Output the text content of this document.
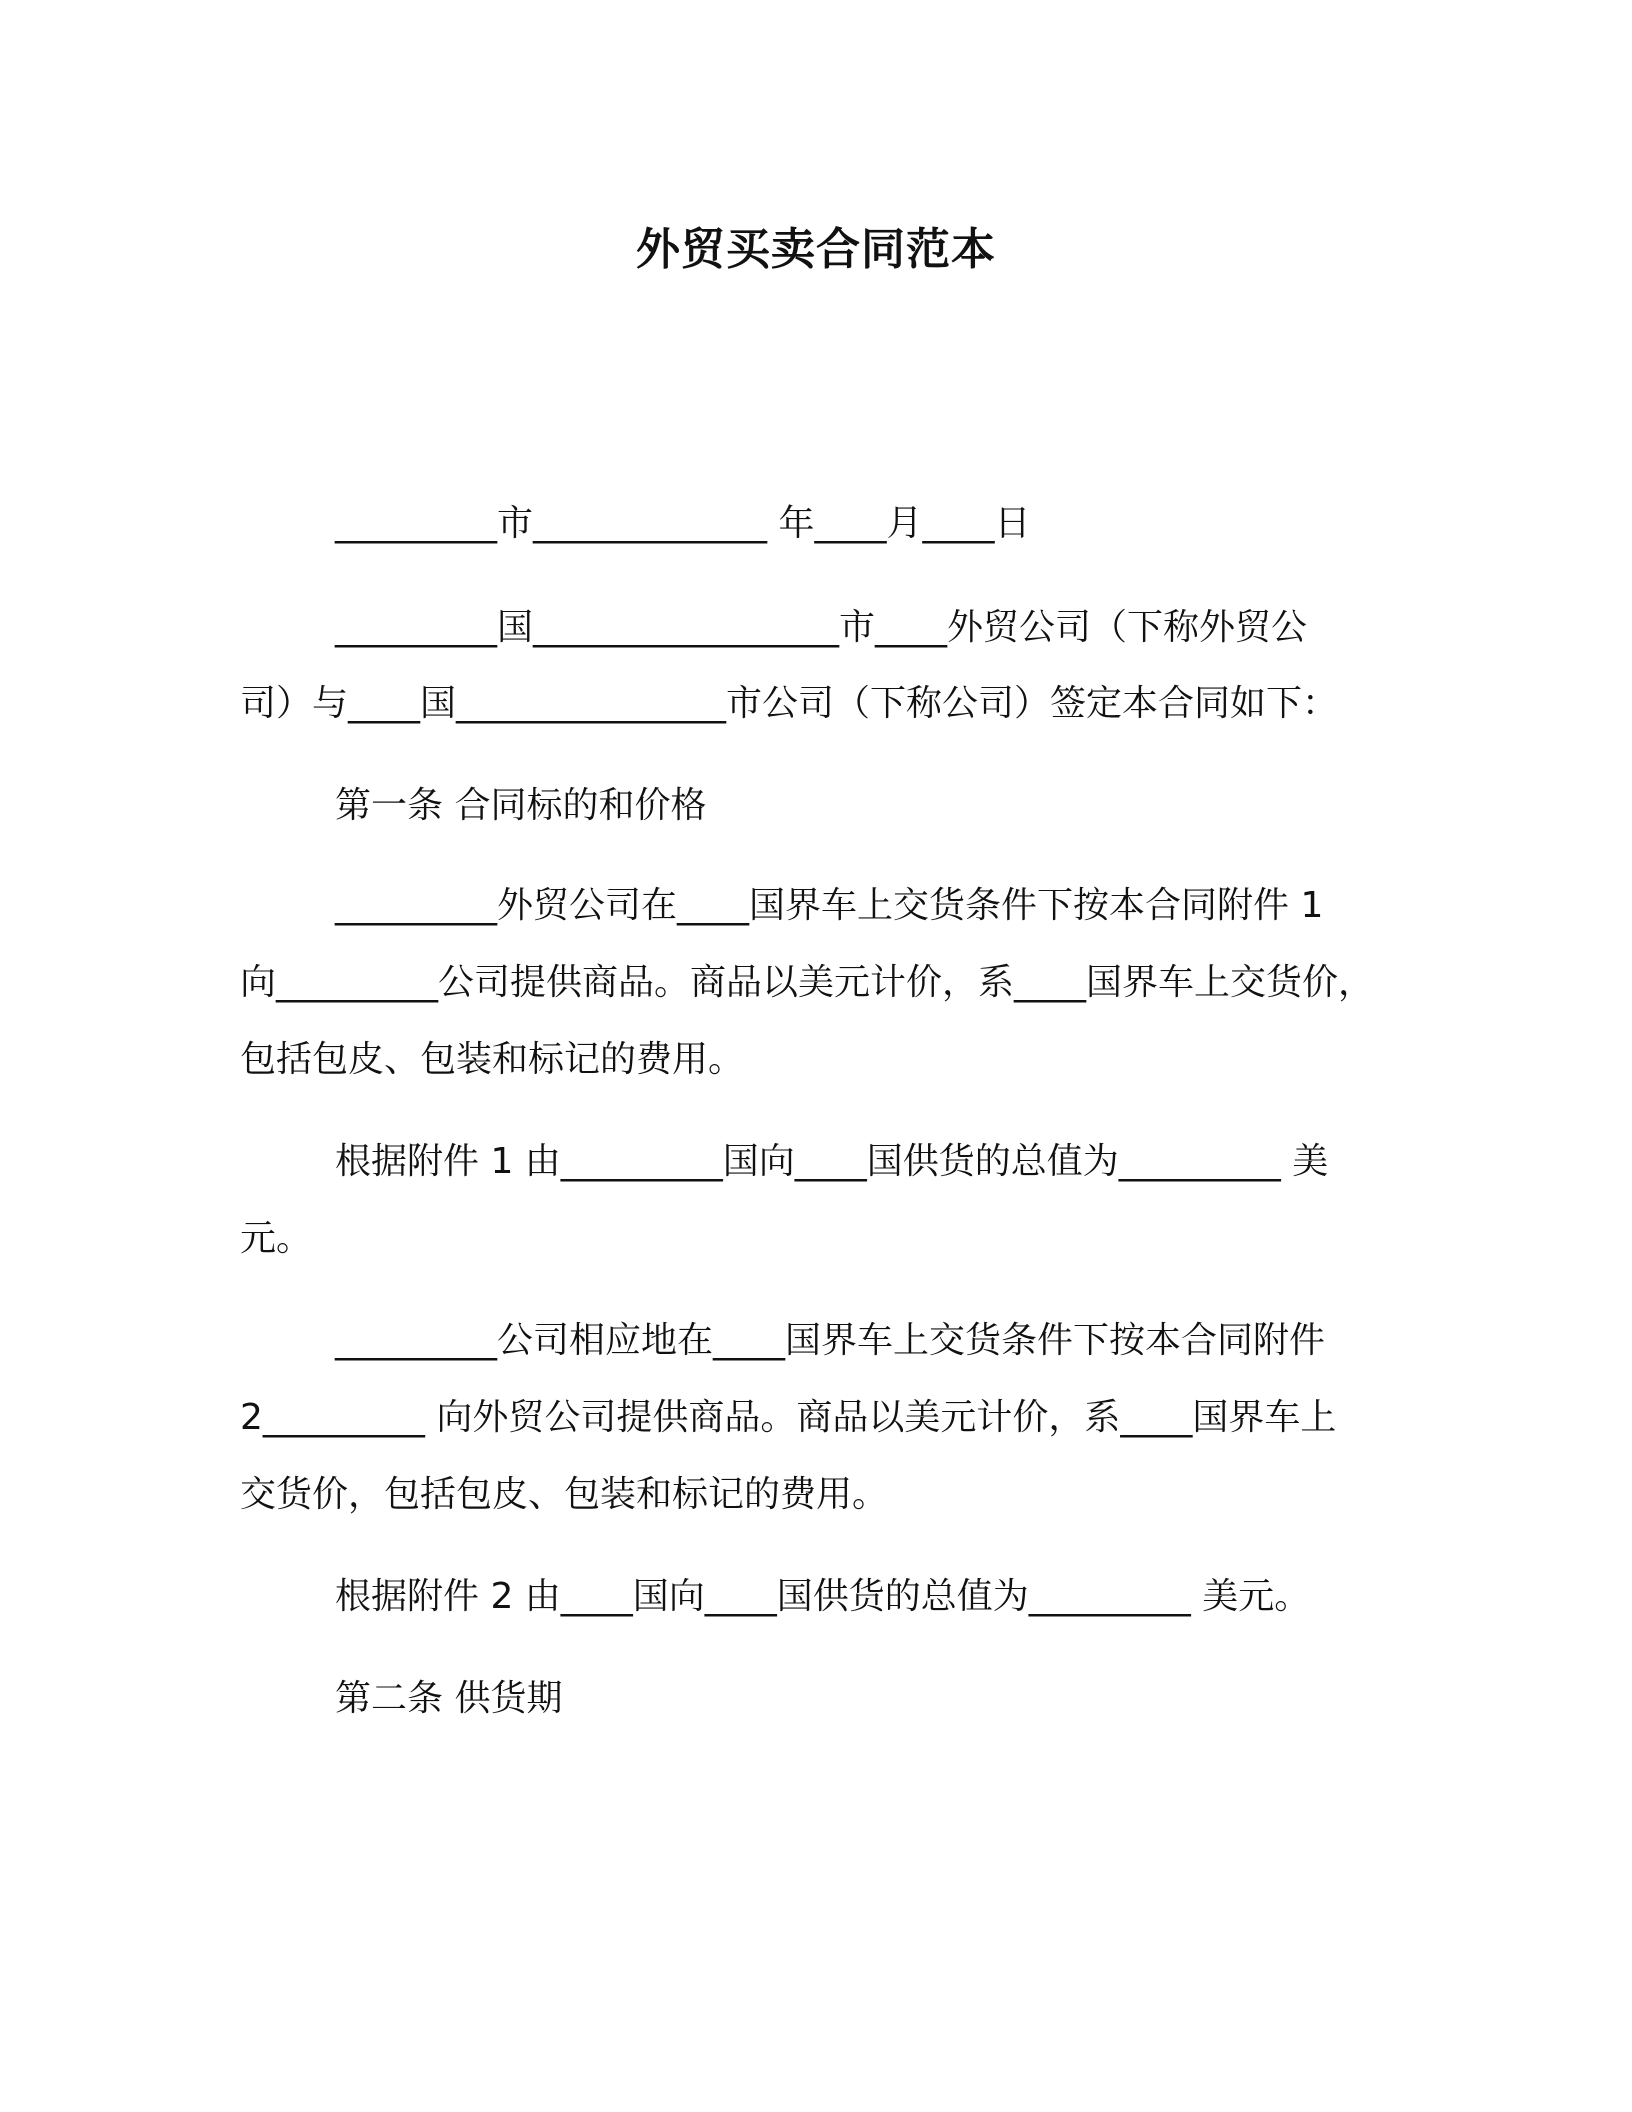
外贸买卖合同范本
_________市_____________ 年____月____日
_________国_________________市____外贸公司（下称外贸公
司）与____国_______________市公司（下称公司）签定本合同如下：
第一条 合同标的和价格
_________外贸公司在____国界车上交货条件下按本合同附件 1
向_________公司提供商品。商品以美元计价，系____国界车上交货价，
包括包皮、包装和标记的费用。
根据附件 1 由_________国向____国供货的总值为_________ 美
元。
_________公司相应地在____国界车上交货条件下按本合同附件
2_________ 向外贸公司提供商品。商品以美元计价，系____国界车上
交货价，包括包皮、包装和标记的费用。
根据附件 2 由____国向____国供货的总值为_________ 美元。
第二条 供货期
